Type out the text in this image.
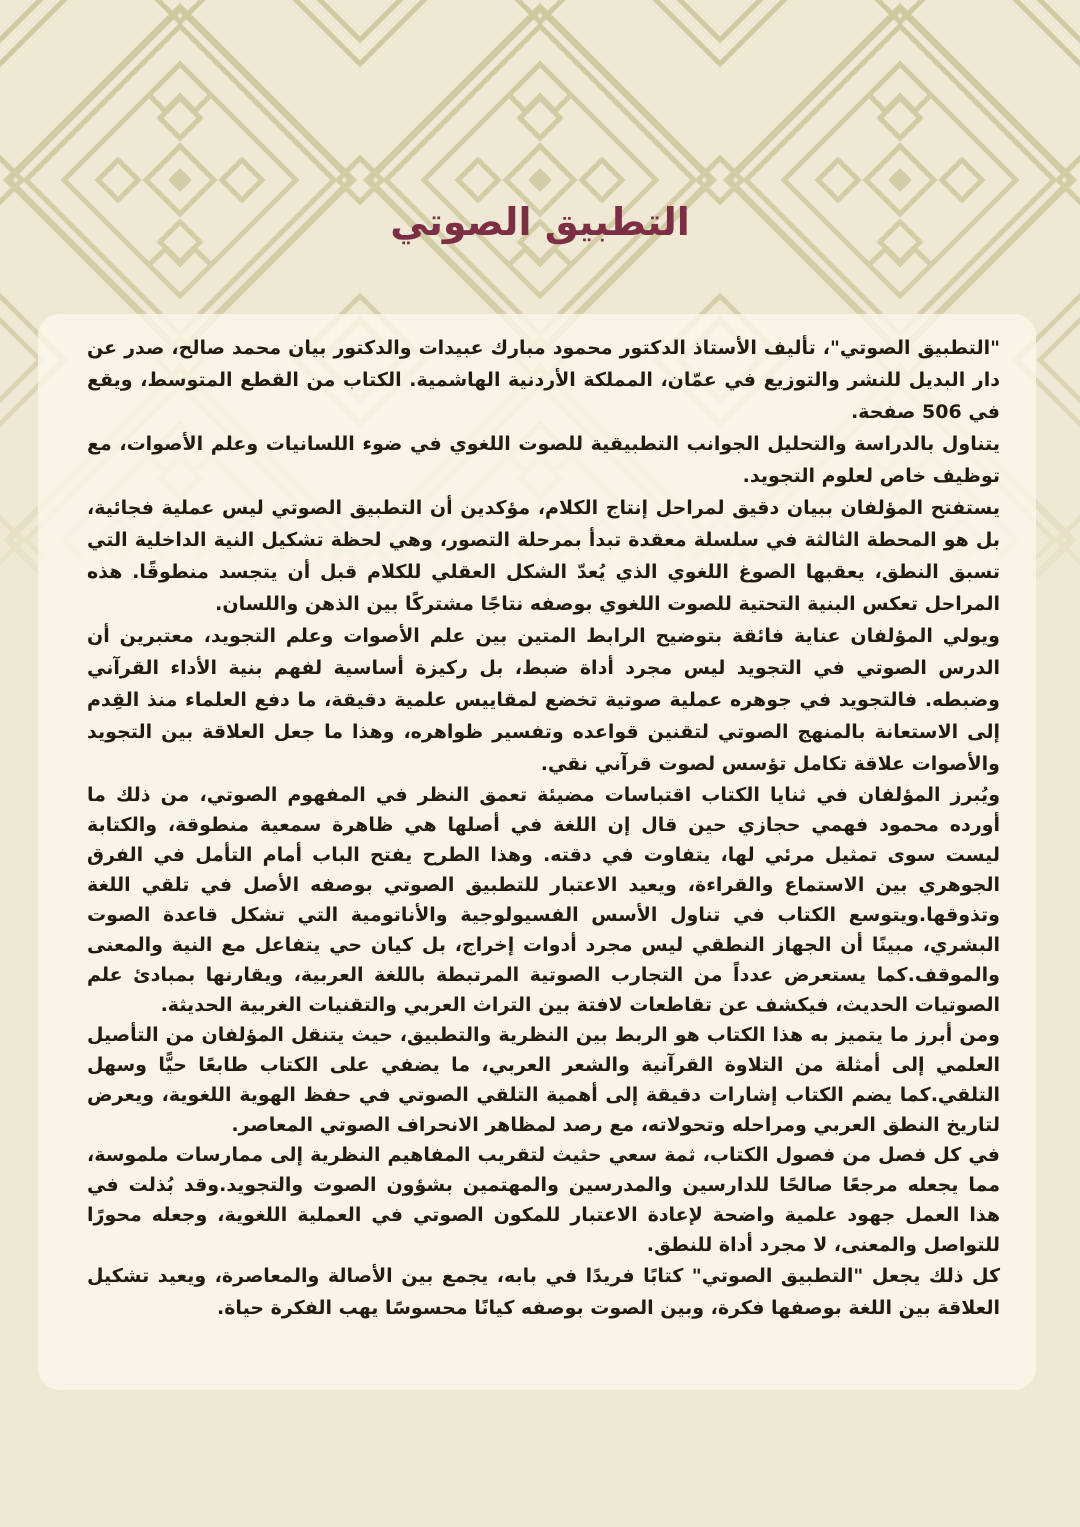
التطبيق الصوتي

"التطبيق الصوتي"، تأليف الأستاذ الدكتور محمود مبارك عبيدات والدكتور بيان محمد صالح، صدر عن دار البديل للنشر والتوزيع في عمّان، المملكة الأردنية الهاشمية. الكتاب من القطع المتوسط، ويقع في 506 صفحة.

يتناول بالدراسة والتحليل الجوانب التطبيقية للصوت اللغوي في ضوء اللسانيات وعلم الأصوات، مع توظيف خاص لعلوم التجويد.

يستفتح المؤلفان ببيان دقيق لمراحل إنتاج الكلام، مؤكدين أن التطبيق الصوتي ليس عملية فجائية، بل هو المحطة الثالثة في سلسلة معقدة تبدأ بمرحلة التصور، وهي لحظة تشكيل النية الداخلية التي تسبق النطق، يعقبها الصوغ اللغوي الذي يُعدّ الشكل العقلي للكلام قبل أن يتجسد منطوقًا. هذه المراحل تعكس البنية التحتية للصوت اللغوي بوصفه نتاجًا مشتركًا بين الذهن واللسان.

ويولي المؤلفان عناية فائقة بتوضيح الرابط المتين بين علم الأصوات وعلم التجويد، معتبرين أن الدرس الصوتي في التجويد ليس مجرد أداة ضبط، بل ركيزة أساسية لفهم بنية الأداء القرآني وضبطه. فالتجويد في جوهره عملية صوتية تخضع لمقاييس علمية دقيقة، ما دفع العلماء منذ القِدم إلى الاستعانة بالمنهج الصوتي لتقنين قواعده وتفسير ظواهره، وهذا ما جعل العلاقة بين التجويد والأصوات علاقة تكامل تؤسس لصوت قرآني نقي.

ويُبرز المؤلفان في ثنايا الكتاب اقتباسات مضيئة تعمق النظر في المفهوم الصوتي، من ذلك ما أورده محمود فهمي حجازي حين قال إن اللغة في أصلها هي ظاهرة سمعية منطوقة، والكتابة ليست سوى تمثيل مرئي لها، يتفاوت في دقته. وهذا الطرح يفتح الباب أمام التأمل في الفرق الجوهري بين الاستماع والقراءة، ويعيد الاعتبار للتطبيق الصوتي بوصفه الأصل في تلقي اللغة وتذوقها.ويتوسع الكتاب في تناول الأسس الفسيولوجية والأناتومية التي تشكل قاعدة الصوت البشري، مبينًا أن الجهاز النطقي ليس مجرد أدوات إخراج، بل كيان حي يتفاعل مع النية والمعنى والموقف.كما يستعرض عدداً من التجارب الصوتية المرتبطة باللغة العربية، ويقارنها بمبادئ علم الصوتيات الحديث، فيكشف عن تقاطعات لافتة بين التراث العربي والتقنيات الغربية الحديثة.

ومن أبرز ما يتميز به هذا الكتاب هو الربط بين النظرية والتطبيق، حيث يتنقل المؤلفان من التأصيل العلمي إلى أمثلة من التلاوة القرآنية والشعر العربي، ما يضفي على الكتاب طابعًا حيًّا وسهل التلقي.كما يضم الكتاب إشارات دقيقة إلى أهمية التلقي الصوتي في حفظ الهوية اللغوية، ويعرض لتاريخ النطق العربي ومراحله وتحولاته، مع رصد لمظاهر الانحراف الصوتي المعاصر.

في كل فصل من فصول الكتاب، ثمة سعي حثيث لتقريب المفاهيم النظرية إلى ممارسات ملموسة، مما يجعله مرجعًا صالحًا للدارسين والمدرسين والمهتمين بشؤون الصوت والتجويد.وقد بُذلت في هذا العمل جهود علمية واضحة لإعادة الاعتبار للمكون الصوتي في العملية اللغوية، وجعله محورًا للتواصل والمعنى، لا مجرد أداة للنطق.

كل ذلك يجعل "التطبيق الصوتي" كتابًا فريدًا في بابه، يجمع بين الأصالة والمعاصرة، ويعيد تشكيل العلاقة بين اللغة بوصفها فكرة، وبين الصوت بوصفه كيانًا محسوسًا يهب الفكرة حياة.
